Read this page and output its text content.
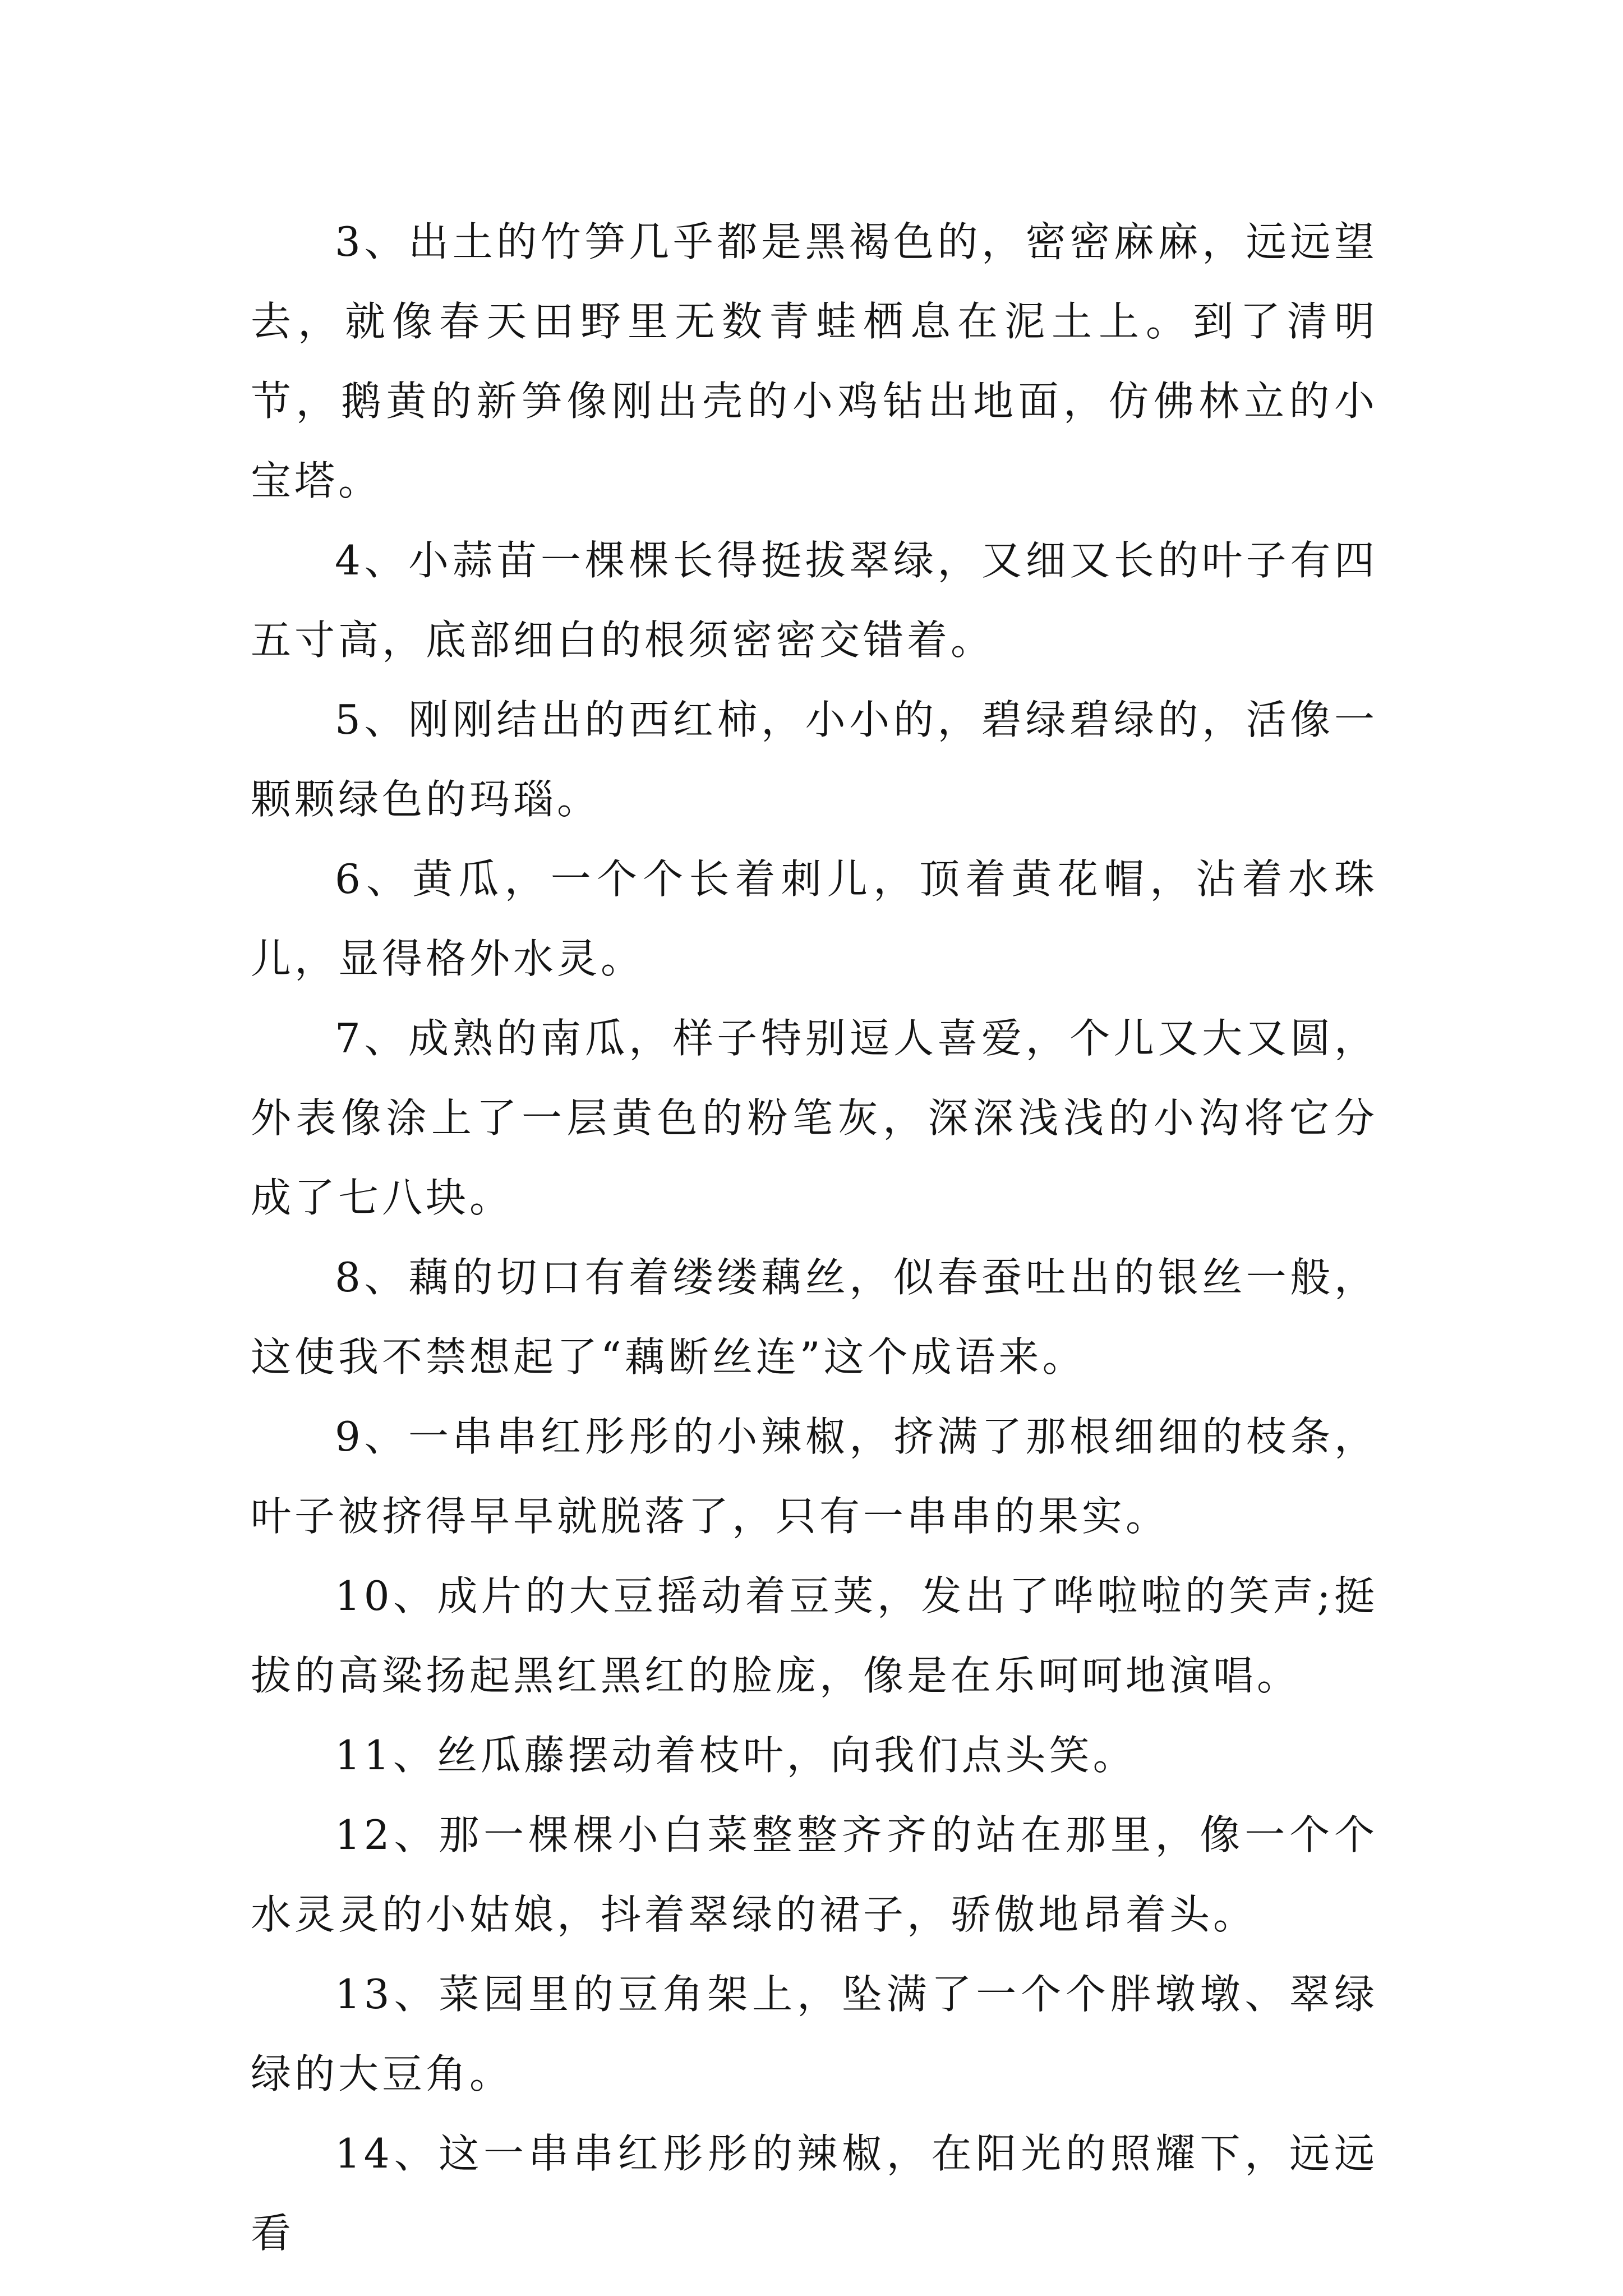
3、出土的竹笋几乎都是黑褐色的，密密麻麻，远远望去，就像春天田野里无数青蛙栖息在泥土上。到了清明节，鹅黄的新笋像刚出壳的小鸡钻出地面，仿佛林立的小宝塔。

4、小蒜苗一棵棵长得挺拔翠绿，又细又长的叶子有四五寸高，底部细白的根须密密交错着。

5、刚刚结出的西红柿，小小的，碧绿碧绿的，活像一颗颗绿色的玛瑙。

6、黄瓜，一个个长着刺儿，顶着黄花帽，沾着水珠儿，显得格外水灵。

7、成熟的南瓜，样子特别逗人喜爱，个儿又大又圆，外表像涂上了一层黄色的粉笔灰，深深浅浅的小沟将它分成了七八块。

8、藕的切口有着缕缕藕丝，似春蚕吐出的银丝一般，这使我不禁想起了“藕断丝连”这个成语来。

9、一串串红彤彤的小辣椒，挤满了那根细细的枝条，叶子被挤得早早就脱落了，只有一串串的果实。

10、成片的大豆摇动着豆荚，发出了哗啦啦的笑声;挺拔的高粱扬起黑红黑红的脸庞，像是在乐呵呵地演唱。

11、丝瓜藤摆动着枝叶，向我们点头笑。

12、那一棵棵小白菜整整齐齐的站在那里，像一个个水灵灵的小姑娘，抖着翠绿的裙子，骄傲地昂着头。

13、菜园里的豆角架上，坠满了一个个胖墩墩、翠绿绿的大豆角。

14、这一串串红彤彤的辣椒，在阳光的照耀下，远远看
